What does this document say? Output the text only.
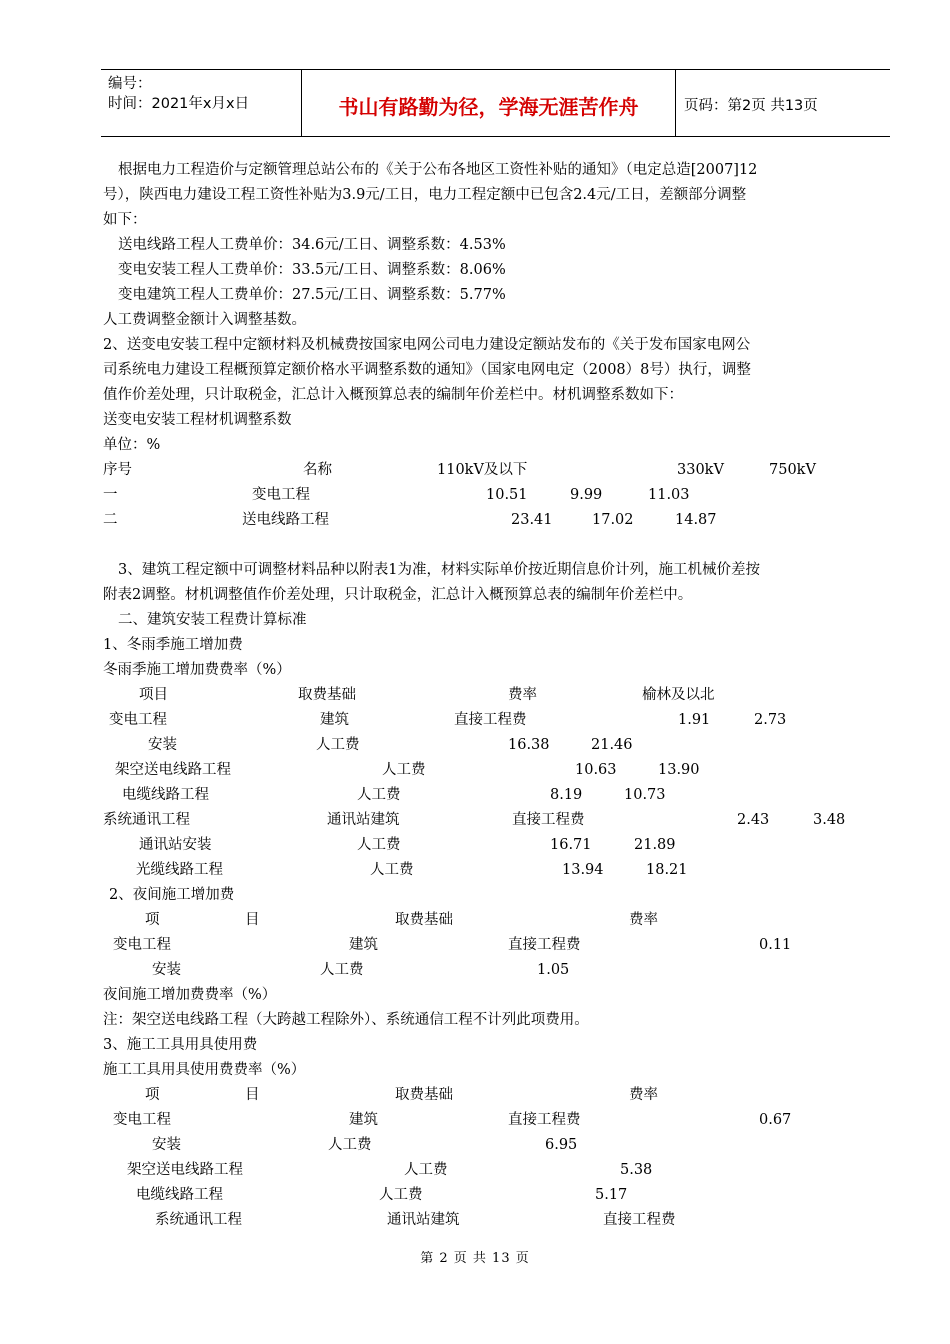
编号：
时间：2021年x月x日	书山有路勤为径，学海无涯苦作舟	页码：第2页 共13页
根据电力工程造价与定额管理总站公布的《关于公布各地区工资性补贴的通知》（电定总造[2007]12
号），陕西电力建设工程工资性补贴为3.9元/工日，电力工程定额中已包含2.4元/工日，差额部分调整
如下：
送电线路工程人工费单价：34.6元/工日、调整系数：4.53%
变电安装工程人工费单价：33.5元/工日、调整系数：8.06%
变电建筑工程人工费单价：27.5元/工日、调整系数：5.77%
人工费调整金额计入调整基数。
2、送变电安装工程中定额材料及机械费按国家电网公司电力建设定额站发布的《关于发布国家电网公
司系统电力建设工程概预算定额价格水平调整系数的通知》（国家电网电定（2008）8号）执行，调整
值作价差处理，只计取税金，汇总计入概预算总表的编制年价差栏中。材机调整系数如下：
送变电安装工程材机调整系数
单位：%
序号	名称	110kV及以下	330kV	750kV
一	变电工程	10.51	9.99	11.03
二	送电线路工程	23.41	17.02	14.87
3、建筑工程定额中可调整材料品种以附表1为准，材料实际单价按近期信息价计列，施工机械价差按
附表2调整。材机调整值作价差处理，只计取税金，汇总计入概预算总表的编制年价差栏中。
二、建筑安装工程费计算标准
1、冬雨季施工增加费
冬雨季施工增加费费率（%）
项目	取费基础	费率	榆林及以北
变电工程	建筑	直接工程费	1.91	2.73
安装	人工费	16.38	21.46
架空送电线路工程	人工费	10.63	13.90
电缆线路工程	人工费	8.19	10.73
系统通讯工程	通讯站建筑	直接工程费	2.43	3.48
通讯站安装	人工费	16.71	21.89
光缆线路工程	人工费	13.94	18.21
2、夜间施工增加费
项	目	取费基础	费率
变电工程	建筑	直接工程费	0.11
安装	人工费	1.05
夜间施工增加费费率（%）
注：架空送电线路工程（大跨越工程除外）、系统通信工程不计列此项费用。
3、施工工具用具使用费
施工工具用具使用费费率（%）
项	目	取费基础	费率
变电工程	建筑	直接工程费	0.67
安装	人工费	6.95
架空送电线路工程	人工费	5.38
电缆线路工程	人工费	5.17
系统通讯工程	通讯站建筑	直接工程费
第 2 页 共 13 页
